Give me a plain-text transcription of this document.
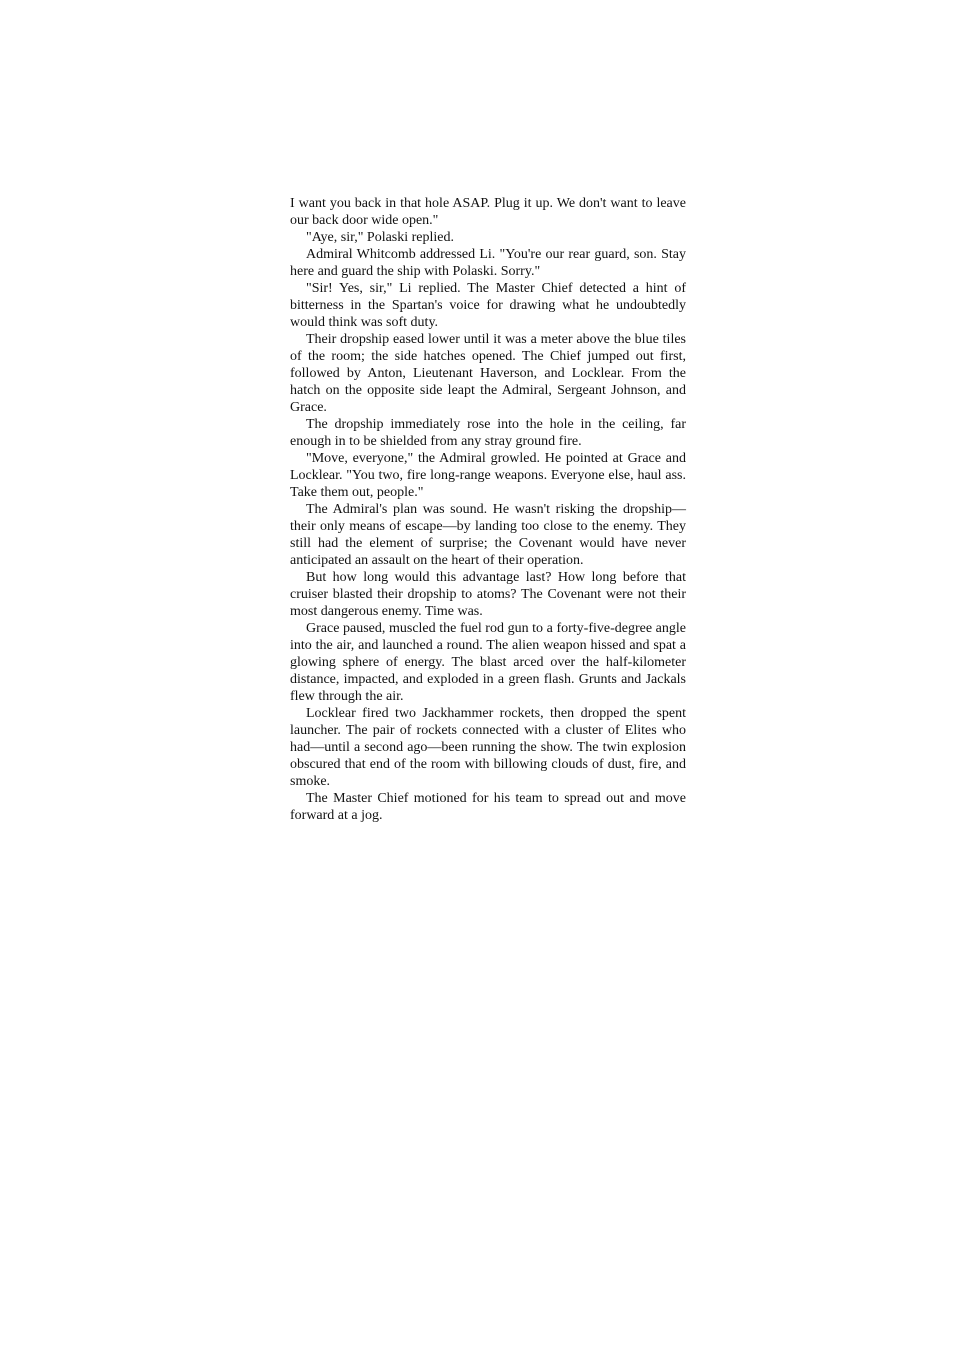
I want you back in that hole ASAP. Plug it up. We don't want to leave our back door wide open."

"Aye, sir," Polaski replied.

Admiral Whitcomb addressed Li. "You're our rear guard, son. Stay here and guard the ship with Polaski. Sorry."

"Sir! Yes, sir," Li replied. The Master Chief detected a hint of bitterness in the Spartan's voice for drawing what he undoubtedly would think was soft duty.

Their dropship eased lower until it was a meter above the blue tiles of the room; the side hatches opened. The Chief jumped out first, followed by Anton, Lieutenant Haverson, and Locklear. From the hatch on the opposite side leapt the Admiral, Sergeant Johnson, and Grace.

The dropship immediately rose into the hole in the ceiling, far enough in to be shielded from any stray ground fire.

"Move, everyone," the Admiral growled. He pointed at Grace and Locklear. "You two, fire long-range weapons. Everyone else, haul ass. Take them out, people."

The Admiral's plan was sound. He wasn't risking the dropship—their only means of escape—by landing too close to the enemy. They still had the element of surprise; the Covenant would have never anticipated an assault on the heart of their operation.

But how long would this advantage last? How long before that cruiser blasted their dropship to atoms? The Covenant were not their most dangerous enemy. Time was.

Grace paused, muscled the fuel rod gun to a forty-five-degree angle into the air, and launched a round. The alien weapon hissed and spat a glowing sphere of energy. The blast arced over the half-kilometer distance, impacted, and exploded in a green flash. Grunts and Jackals flew through the air.

Locklear fired two Jackhammer rockets, then dropped the spent launcher. The pair of rockets connected with a cluster of Elites who had—until a second ago—been running the show. The twin explosion obscured that end of the room with billowing clouds of dust, fire, and smoke.

The Master Chief motioned for his team to spread out and move forward at a jog.
